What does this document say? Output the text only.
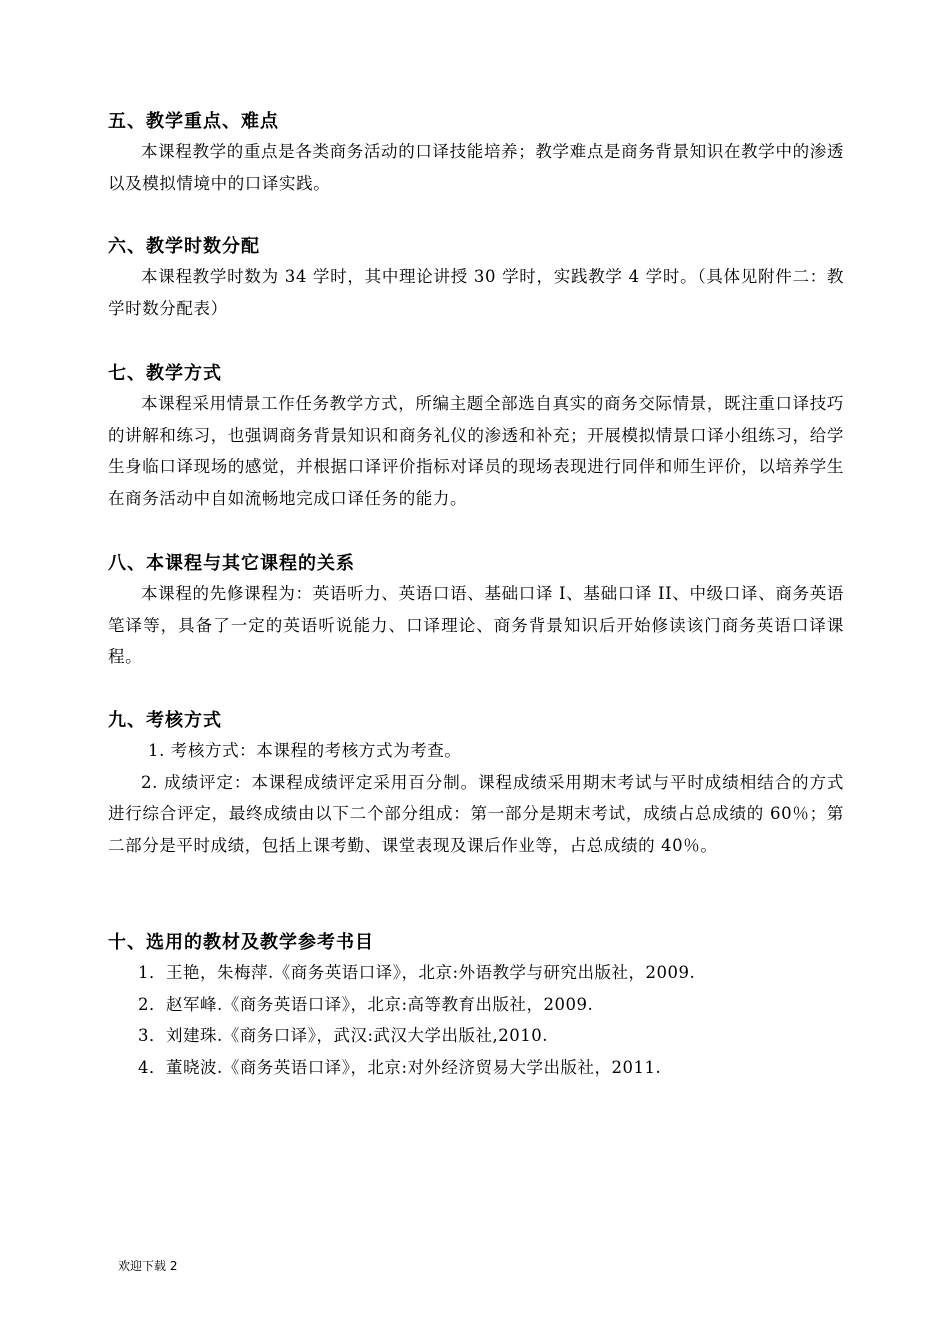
五、教学重点、难点
本课程教学的重点是各类商务活动的口译技能培养；教学难点是商务背景知识在教学中的渗透以及模拟情境中的口译实践。
六、教学时数分配
本课程教学时数为 34 学时，其中理论讲授 30 学时，实践教学 4 学时。（具体见附件二：教学时数分配表）
七、教学方式
本课程采用情景工作任务教学方式，所编主题全部选自真实的商务交际情景，既注重口译技巧的讲解和练习，也强调商务背景知识和商务礼仪的渗透和补充；开展模拟情景口译小组练习，给学生身临口译现场的感觉，并根据口译评价指标对译员的现场表现进行同伴和师生评价，以培养学生在商务活动中自如流畅地完成口译任务的能力。
八、本课程与其它课程的关系
本课程的先修课程为：英语听力、英语口语、基础口译 I、基础口译 II、中级口译、商务英语笔译等，具备了一定的英语听说能力、口译理论、商务背景知识后开始修读该门商务英语口译课程。
九、考核方式
1. 考核方式：本课程的考核方式为考查。
2. 成绩评定：本课程成绩评定采用百分制。课程成绩采用期末考试与平时成绩相结合的方式进行综合评定，最终成绩由以下二个部分组成：第一部分是期末考试，成绩占总成绩的 60％；第二部分是平时成绩，包括上课考勤、课堂表现及课后作业等，占总成绩的 40％。
十、选用的教材及教学参考书目
1．王艳，朱梅萍.《商务英语口译》，北京:外语教学与研究出版社，2009.
2．赵军峰.《商务英语口译》，北京:高等教育出版社，2009.
3．刘建珠.《商务口译》，武汉:武汉大学出版社,2010.
4．董晓波.《商务英语口译》，北京:对外经济贸易大学出版社，2011.
欢迎下载 2
